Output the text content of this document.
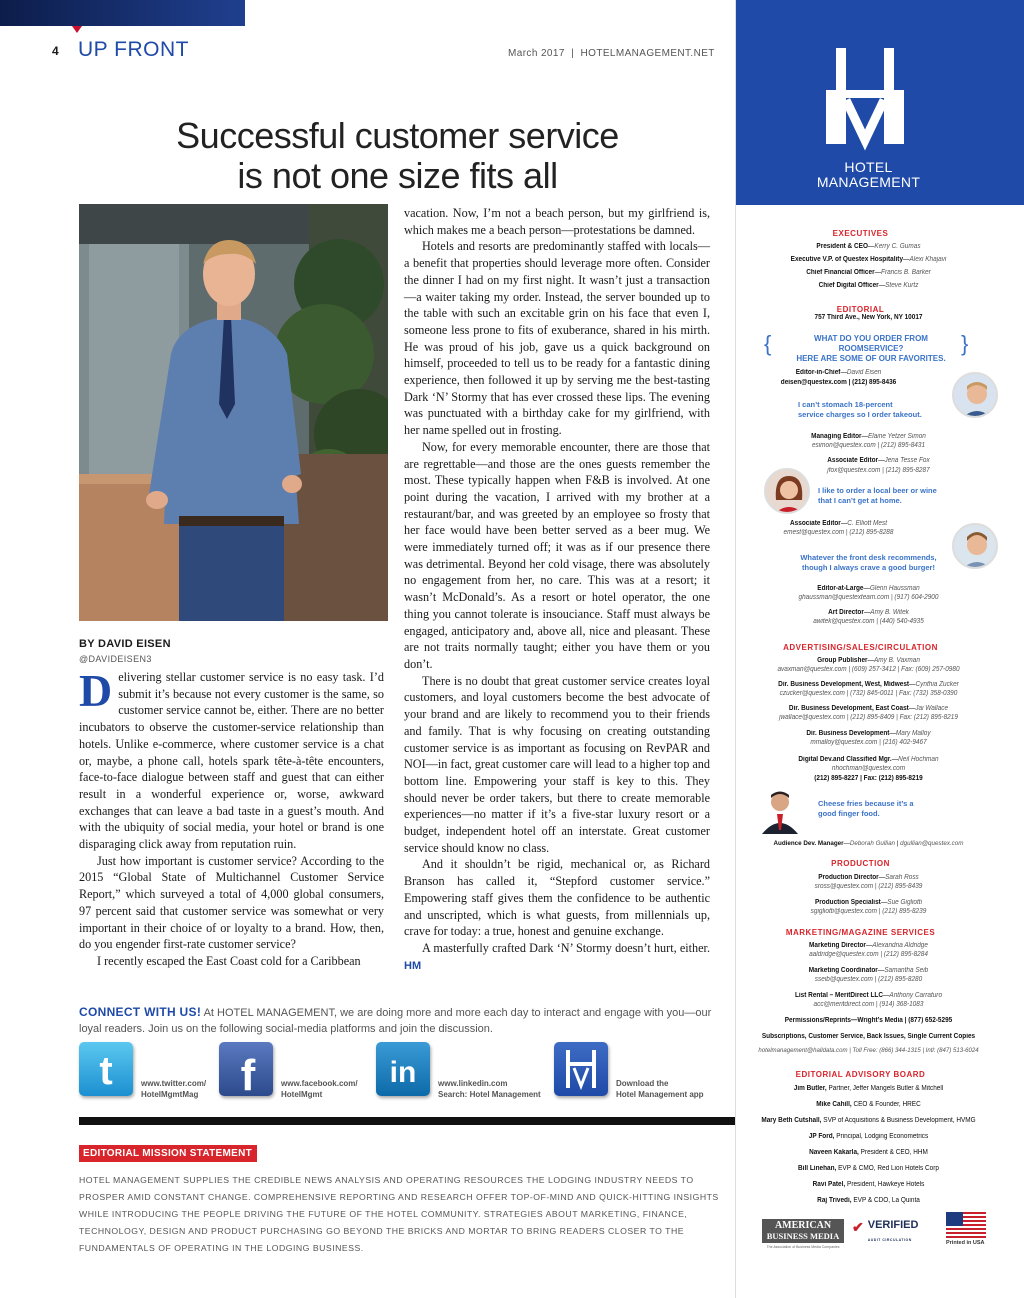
4 UP FRONT	March 2017  |  HOTELMANAGEMENT.NET
Successful customer service
is not one size fits all
BY DAVID EISEN
@DAVIDEISEN3

Delivering stellar customer service is no easy task. I’d submit it’s because not every customer is the same, so customer service cannot be, either. There are no better incubators to observe the customer-service relationship than hotels. Unlike e-commerce, where customer service is a chat or, maybe, a phone call, hotels spark tête-à-tête encounters, face-to-face dialogue between staff and guest that can either result in a wonderful experience or, worse, awkward exchanges that can leave a bad taste in a guest’s mouth. And with the ubiquity of social media, your hotel or brand is one disparaging click away from reputation ruin.

Just how important is customer service? According to the 2015 “Global State of Multichannel Customer Service Report,” which surveyed a total of 4,000 global consumers, 97 percent said that customer service was somewhat or very important in their choice of or loyalty to a brand. How, then, do you engender first-rate customer service?

I recently escaped the East Coast cold for a Caribbean

vacation. Now, I’m not a beach person, but my girlfriend is, which makes me a beach person—protestations be damned.

Hotels and resorts are predominantly staffed with locals—a benefit that properties should leverage more often. Consider the dinner I had on my first night. It wasn’t just a transaction—a waiter taking my order. Instead, the server bounded up to the table with such an excitable grin on his face that even I, someone less prone to fits of exuberance, shared in his mirth. He was proud of his job, gave us a quick background on himself, proceeded to tell us to be ready for a fantastic dining experience, then followed it up by serving me the best-tasting Dark ‘N’ Stormy that has ever crossed these lips. The evening was punctuated with a birthday cake for my girlfriend, with her name spelled out in frosting.

Now, for every memorable encounter, there are those that are regrettable—and those are the ones guests remember the most. These typically happen when F&B is involved. At one point during the vacation, I arrived with my brother at a restaurant/bar, and was greeted by an employee so frosty that her face would have been better served as a beer mug. We were immediately turned off; it was as if our presence there was detrimental. Beyond her cold visage, there was absolutely no engagement from her, no care. This was at a resort; it wasn’t McDonald’s. As a resort or hotel operator, the one thing you cannot tolerate is insouciance. Staff must always be engaged, anticipatory and, above all, nice and pleasant. These are not traits normally taught; either you have them or you don’t.

There is no doubt that great customer service creates loyal customers, and loyal customers become the best advocate of your brand and are likely to recommend you to their friends and family. That is why focusing on creating outstanding customer service is as important as focusing on RevPAR and NOI—in fact, great customer care will lead to a higher top and bottom line. Empowering your staff is key to this. They should never be order takers, but there to create memorable experiences—no matter if it’s a five-star luxury resort or a budget, independent hotel off an interstate. Great customer service should know no class.

And it shouldn’t be rigid, mechanical or, as Richard Branson has called it, “Stepford customer service.” Empowering staff gives them the confidence to be authentic and unscripted, which is what guests, from millennials up, crave for today: a true, honest and genuine exchange.

A masterfully crafted Dark ‘N’ Stormy doesn’t hurt, either. HM

CONNECT WITH US! At HOTEL MANAGEMENT, we are doing more and more each day to interact and engage with you—our loyal readers. Join us on the following social-media platforms and join the discussion.
t	www.twitter.com/
HotelMgmtMag f	www.facebook.com/
HotelMgmt
in	www.linkedin.com
Search: Hotel Management
Download the
Hotel Management app
EDITORIAL MISSION STATEMENT
HOTEL MANAGEMENT SUPPLIES THE CREDIBLE NEWS ANALYSIS AND OPERATING RESOURCES THE LODGING INDUSTRY NEEDS TO PROSPER AMID CONSTANT CHANGE. COMPREHENSIVE REPORTING AND RESEARCH OFFER TOP-OF-MIND AND QUICK-HITTING INSIGHTS WHILE INTRODUCING THE PEOPLE DRIVING THE FUTURE OF THE HOTEL COMMUNITY. STRATEGIES ABOUT MARKETING, FINANCE, TECHNOLOGY, DESIGN AND PRODUCT PURCHASING GO BEYOND THE BRICKS AND MORTAR TO BRING READERS CLOSER TO THE FUNDAMENTALS OF OPERATING IN THE LODGING BUSINESS.
HOTEL
MANAGEMENT
EXECUTIVES
President & CEO—Kerry C. Gumas
Executive V.P. of Questex Hospitality—Alexi Khajavi
Chief Financial Officer—Francis B. Barker
Chief Digital Officer—Steve Kurtz
EDITORIAL
757 Third Ave., New York, NY 10017
{	}
WHAT DO YOU ORDER FROM ROOMSERVICE?
HERE ARE SOME OF OUR FAVORITES.
Editor-in-Chief—David Eisen
deisen@questex.com | (212) 895-8436
I can’t stomach 18-percent
service charges so I order takeout.
Managing Editor—Elaine Yetzer Simon
esimon@questex.com | (212) 895-8431
Associate Editor—Jena Tesse Fox
jfox@questex.com | (212) 895-8287
I like to order a local beer or wine
that I can’t get at home.
Associate Editor—C. Elliott Mest
emest@questex.com | (212) 895-8288
Whatever the front desk recommends,
though I always crave a good burger!
Editor-at-Large—Glenn Haussman
ghaussman@questexteam.com | (917) 604-2900
Art Director—Amy B. Witek
awitek@questex.com | (440) 540-4935
ADVERTISING/SALES/CIRCULATION
Group Publisher—Amy B. Vaxman
avaxman@questex.com | (609) 257-3412 | Fax: (609) 257-0980
Dir. Business Development, West, Midwest—Cynthia Zucker
czucker@questex.com | (732) 845-0011 | Fax: (732) 358-0390
Dir. Business Development, East Coast—Jai Wallace
jwallace@questex.com | (212) 895-8409 | Fax: (212) 895-8219
Dir. Business Development—Mary Malloy
mmalloy@questex.com | (216) 402-9467
Digital Dev.and Classified Mgr.—Neil Hochman
nhochman@questex.com
(212) 895-8227 | Fax: (212) 895-8219
Cheese fries because it’s a
good finger food.
Audience Dev. Manager—Deborah Gullian | dgullian@questex.com
PRODUCTION
Production Director—Sarah Ross
sross@questex.com | (212) 895-8439
Production Specialist—Sue Gigliotti
sgigliotti@questex.com | (212) 895-8239
MARKETING/MAGAZINE SERVICES
Marketing Director—Alexandria Aldridge
aaldridge@questex.com | (212) 895-8284
Marketing Coordinator—Samantha Seib
sseib@questex.com | (212) 895-8280
List Rental – MeritDirect LLC—Anthony Carraturo
acc@meritdirect.com | (914) 368-1083
Permissions/Reprints—Wright’s Media | (877) 652-5295
Subscriptions, Customer Service, Back Issues, Single Current Copies
hotelmanagement@halldata.com | Toll Free: (866) 344-1315 | Intl: (847) 513-6024
EDITORIAL ADVISORY BOARD
Jim Butler, Partner, Jeffer Mangels Butler & Mitchell
Mike Cahill, CEO & Founder, HREC
Mary Beth Cutshall, SVP of Acquisitions & Business Development, HVMG
JP Ford, Principal, Lodging Econometrics
Naveen Kakarla, President & CEO, HHM
Bill Linehan, EVP & CMO, Red Lion Hotels Corp
Ravi Patel, President, Hawkeye Hotels
Raj Trivedi, EVP & CDO, La Quinta
AMERICAN
BUSINESS MEDIA
The Association of Business Media Companies
✔ VERIFIED
AUDIT CIRCULATION	Printed in USA
